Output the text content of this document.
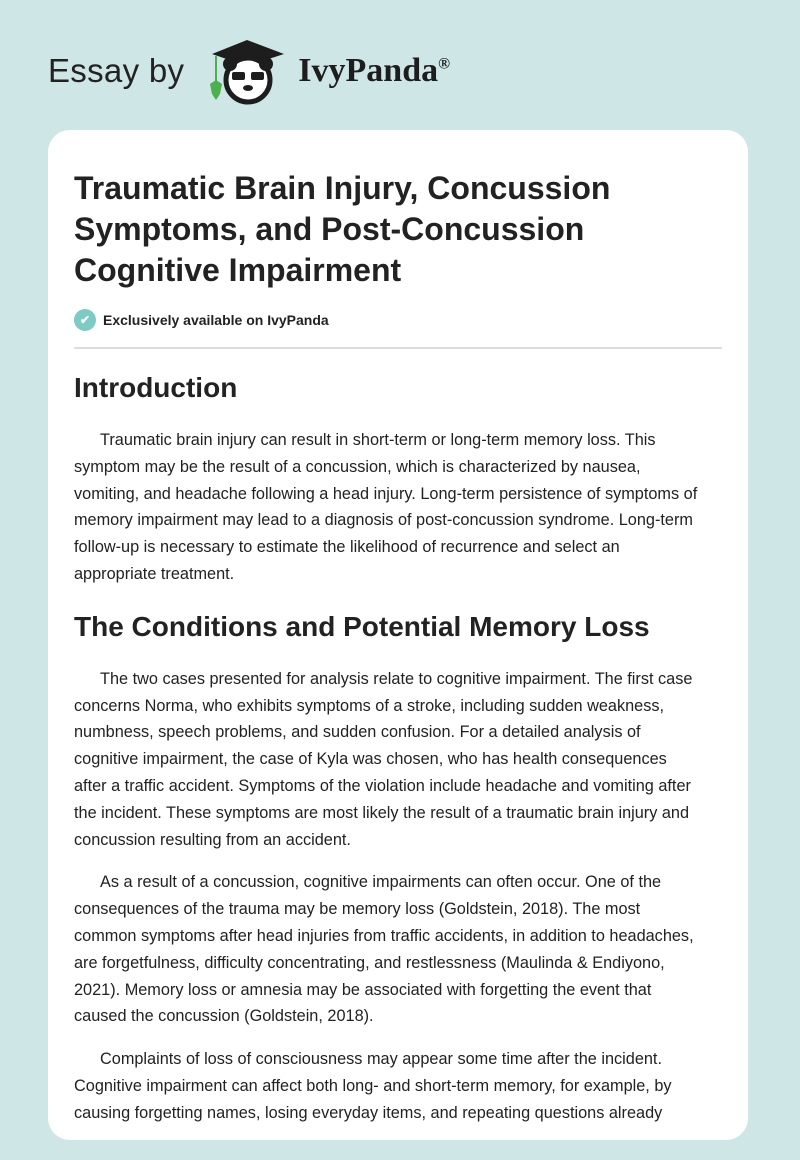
Essay by	IvyPanda®
Traumatic Brain Injury, Concussion Symptoms, and Post-Concussion Cognitive Impairment
✔ Exclusively available on IvyPanda
Introduction

Traumatic brain injury can result in short-term or long-term memory loss. This symptom may be the result of a concussion, which is characterized by nausea, vomiting, and headache following a head injury. Long-term persistence of symptoms of memory impairment may lead to a diagnosis of post-concussion syndrome. Long-term follow-up is necessary to estimate the likelihood of recurrence and select an appropriate treatment.

The Conditions and Potential Memory Loss

The two cases presented for analysis relate to cognitive impairment. The first case concerns Norma, who exhibits symptoms of a stroke, including sudden weakness, numbness, speech problems, and sudden confusion. For a detailed analysis of cognitive impairment, the case of Kyla was chosen, who has health consequences after a traffic accident. Symptoms of the violation include headache and vomiting after the incident. These symptoms are most likely the result of a traumatic brain injury and concussion resulting from an accident.

As a result of a concussion, cognitive impairments can often occur. One of the consequences of the trauma may be memory loss (Goldstein, 2018). The most common symptoms after head injuries from traffic accidents, in addition to headaches, are forgetfulness, difficulty concentrating, and restlessness (Maulinda & Endiyono, 2021). Memory loss or amnesia may be associated with forgetting the event that caused the concussion (Goldstein, 2018).

Complaints of loss of consciousness may appear some time after the incident. Cognitive impairment can affect both long- and short-term memory, for example, by causing forgetting names, losing everyday items, and repeating questions already
